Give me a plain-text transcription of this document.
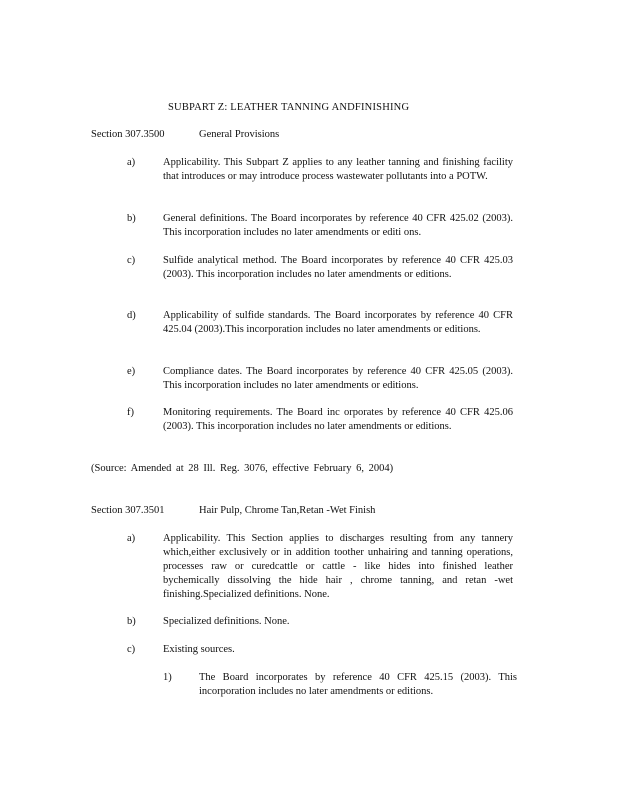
SUBPART Z: LEATHER TANNING ANDFINISHING
Section 307.3500	General Provisions
a)	Applicability. This Subpart Z applies to any leather tanning and finishing facility that introduces or may introduce process wastewater pollutants into a POTW.
b)	General definitions. The Board incorporates by reference 40 CFR 425.02 (2003). This incorporation includes no later amendments or editi ons.
c)	Sulfide analytical method. The Board incorporates by reference 40 CFR 425.03 (2003). This incorporation includes no later amendments or editions.
d)	Applicability of sulfide standards. The Board incorporates by reference 40 CFR 425.04 (2003).This incorporation includes no later amendments or editions.
e)	Compliance dates. The Board incorporates by reference 40 CFR 425.05 (2003). This incorporation includes no later amendments or editions.
f)	Monitoring requirements. The Board inc orporates by reference 40 CFR 425.06 (2003). This incorporation includes no later amendments or editions.
(Source: Amended at 28 Ill. Reg. 3076, effective February 6, 2004)
Section 307.3501	Hair Pulp, Chrome Tan,Retan -Wet Finish
a)	Applicability. This Section applies to discharges resulting from any tannery which,either exclusively or in addition toother unhairing and tanning operations, processes raw or curedcattle or cattle - like hides into finished leather bychemically dissolving the hide hair , chrome tanning, and retan -wet finishing.Specialized definitions. None.
b)	Specialized definitions. None.
c)	Existing sources.
1)	The Board incorporates by reference 40 CFR 425.15 (2003). This incorporation includes no later amendments or editions.
